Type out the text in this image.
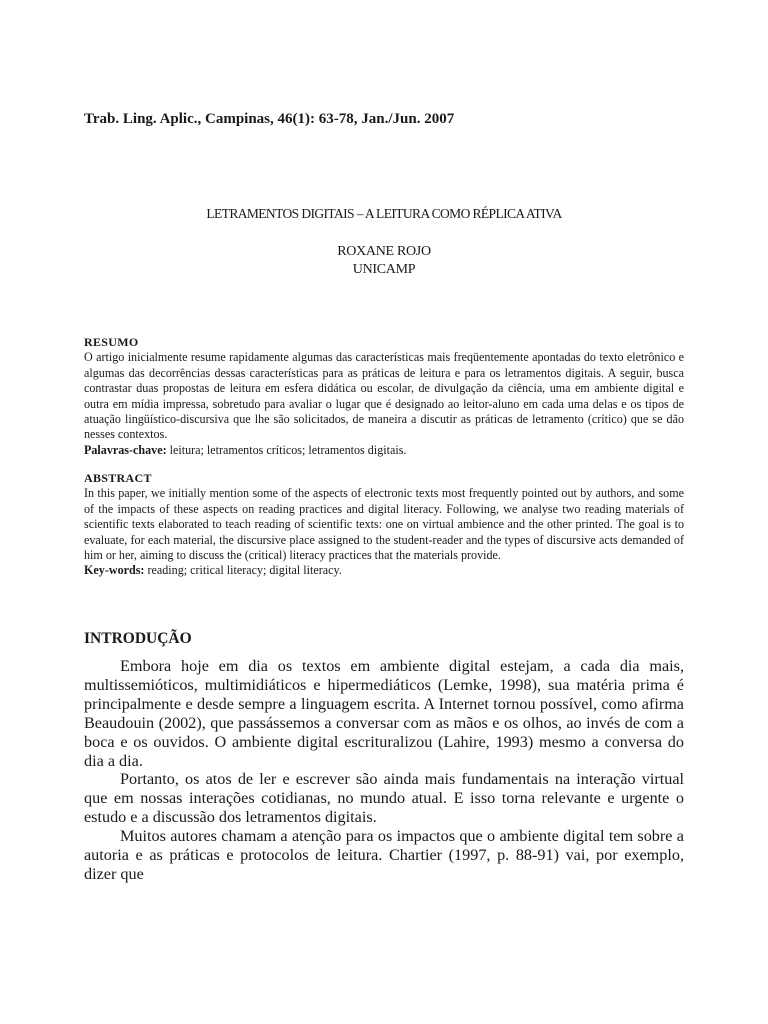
Trab. Ling. Aplic., Campinas, 46(1): 63-78, Jan./Jun. 2007
LETRAMENTOS DIGITAIS – A LEITURA COMO RÉPLICA ATIVA
ROXANE ROJO
UNICAMP
RESUMO
O artigo inicialmente resume rapidamente algumas das características mais freqüentemente apontadas do texto eletrônico e algumas das decorrências dessas características para as práticas de leitura e para os letramentos digitais. A seguir, busca contrastar duas propostas de leitura em esfera didática ou escolar, de divulgação da ciência, uma em ambiente digital e outra em mídia impressa, sobretudo para avaliar o lugar que é designado ao leitor-aluno em cada uma delas e os tipos de atuação lingüístico-discursiva que lhe são solicitados, de maneira a discutir as práticas de letramento (crítico) que se dão nesses contextos.
Palavras-chave: leitura; letramentos críticos; letramentos digitais.
ABSTRACT
In this paper, we initially mention some of the aspects of electronic texts most frequently pointed out by authors, and some of the impacts of these aspects on reading practices and digital literacy. Following, we analyse two reading materials of scientific texts elaborated to teach reading of scientific texts: one on virtual ambience and the other printed. The goal is to evaluate, for each material, the discursive place assigned to the student-reader and the types of discursive acts demanded of him or her, aiming to discuss the (critical) literacy practices that the materials provide.
Key-words: reading; critical literacy; digital literacy.
INTRODUÇÃO

Embora hoje em dia os textos em ambiente digital estejam, a cada dia mais, multissemióticos, multimidiáticos e hipermediáticos (Lemke, 1998), sua matéria prima é principalmente e desde sempre a linguagem escrita. A Internet tornou possível, como afirma Beaudouin (2002), que passássemos a conversar com as mãos e os olhos, ao invés de com a boca e os ouvidos. O ambiente digital escrituralizou (Lahire, 1993) mesmo a conversa do dia a dia.

Portanto, os atos de ler e escrever são ainda mais fundamentais na interação virtual que em nossas interações cotidianas, no mundo atual. E isso torna relevante e urgente o estudo e a discussão dos letramentos digitais.

Muitos autores chamam a atenção para os impactos que o ambiente digital tem sobre a autoria e as práticas e protocolos de leitura. Chartier (1997, p. 88-91) vai, por exemplo, dizer que
